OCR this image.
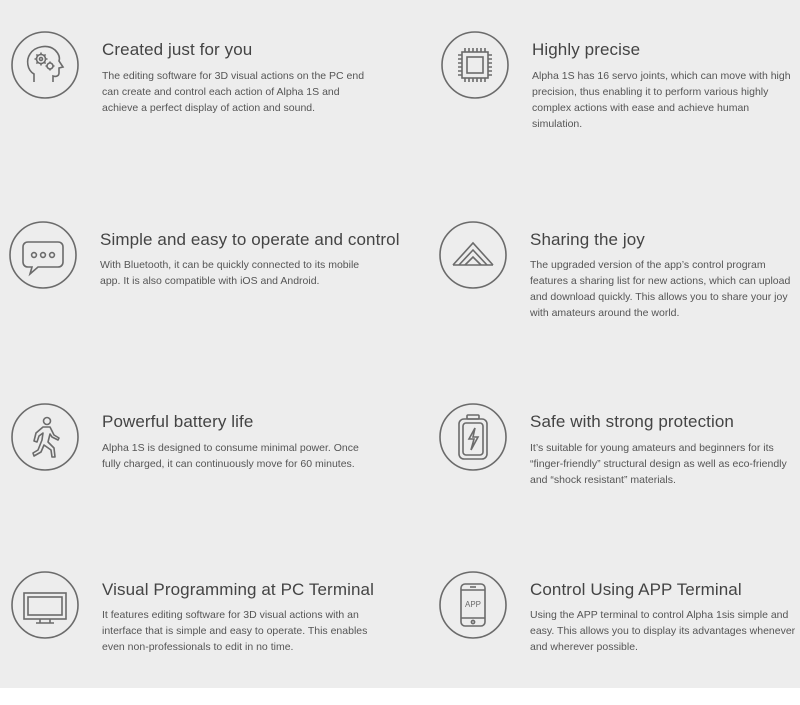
Created just for you
The editing software for 3D visual actions on the PC end can create and control each action of Alpha 1S and achieve a perfect display of action and sound.
Highly precise
Alpha 1S has 16 servo joints, which can move with high precision, thus enabling it to perform various highly complex actions with ease and achieve human simulation.
Simple and easy to operate and control
With Bluetooth, it can be quickly connected to its mobile app. It is also compatible with iOS and Android.
Sharing the joy
The upgraded version of the app’s control program features a sharing list for new actions, which can upload and download quickly. This allows you to share your joy with amateurs around the world.
Powerful battery life
Alpha 1S is designed to consume minimal power. Once fully charged, it can continuously move for 60 minutes.
Safe with strong protection
It’s suitable for young amateurs and beginners for its “finger-friendly” structural design as well as eco-friendly and “shock resistant” materials.
Visual Programming at PC Terminal
It features editing software for 3D visual actions with an interface that is simple and easy to operate. This enables even non-professionals to edit in no time.
APP
Control Using APP Terminal
Using the APP terminal to control Alpha 1sis simple and easy. This allows you to display its advantages whenever and wherever possible.
